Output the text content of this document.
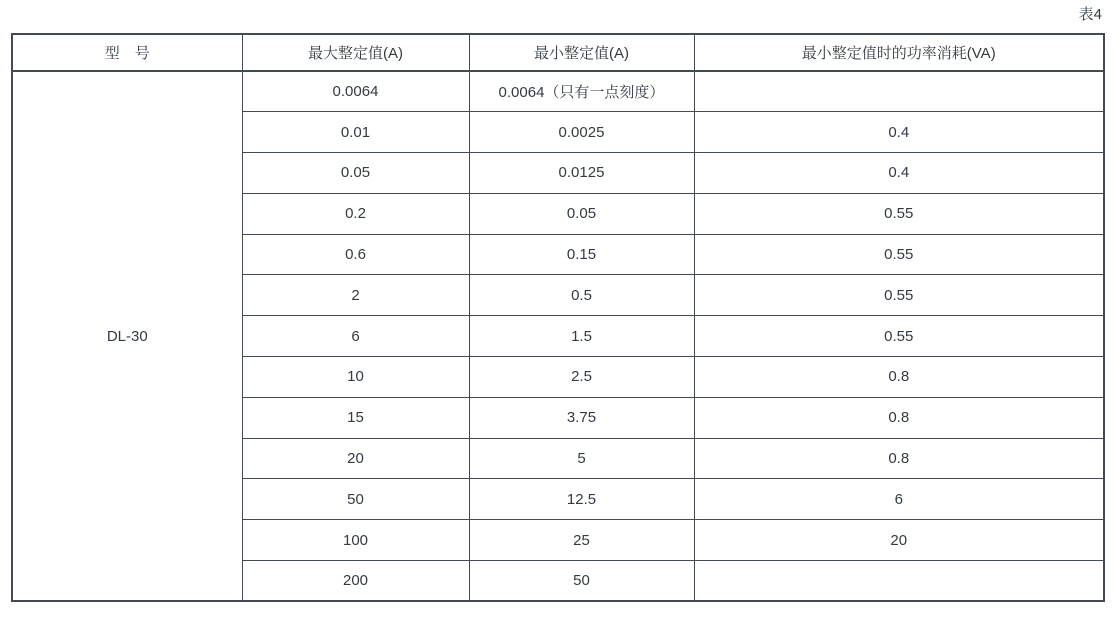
表4
型　号	最大整定值(A)	最小整定值(A)	最小整定值时的功率消耗(VA)
DL-30	0.0064	0.0064（只有一点刻度）	
	0.01	0.0025	0.4
	0.05	0.0125	0.4
	0.2	0.05	0.55
	0.6	0.15	0.55
	2	0.5	0.55
	6	1.5	0.55
	10	2.5	0.8
	15	3.75	0.8
	20	5	0.8
	50	12.5	6
	100	25	20
	200	50	
